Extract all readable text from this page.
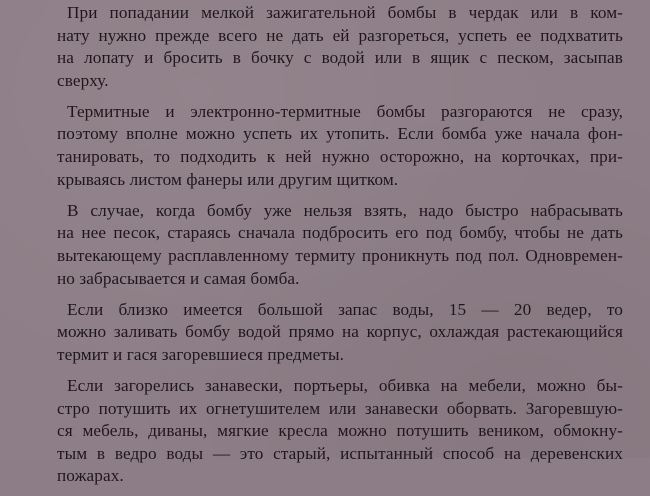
При попадании мелкой зажигательной бомбы в чердак или в ком-
нату нужно прежде всего не дать ей разгореться, успеть ее подхватить
на лопату и бросить в бочку с водой или в ящик с песком, засыпав
сверху.
Термитные и электронно-термитные бомбы разгораются не сразу,
поэтому вполне можно успеть их утопить. Если бомба уже начала фон-
танировать, то подходить к ней нужно осторожно, на корточках, при-
крываясь листом фанеры или другим щитком.
В случае, когда бомбу уже нельзя взять, надо быстро набрасывать
на нее песок, стараясь сначала подбросить его под бомбу, чтобы не дать
вытекающему расплавленному термиту проникнуть под пол. Одновремен-
но забрасывается и самая бомба.
Если близко имеется большой запас воды, 15 — 20 ведер, то
можно заливать бомбу водой прямо на корпус, охлаждая растекающийся
термит и гася загоревшиеся предметы.
Если загорелись занавески, портьеры, обивка на мебели, можно бы-
стро потушить их огнетушителем или занавески оборвать. Загоревшую-
ся мебель, диваны, мягкие кресла можно потушить веником, обмокну-
тым в ведро воды — это старый, испытанный способ на деревенских
пожарах.
